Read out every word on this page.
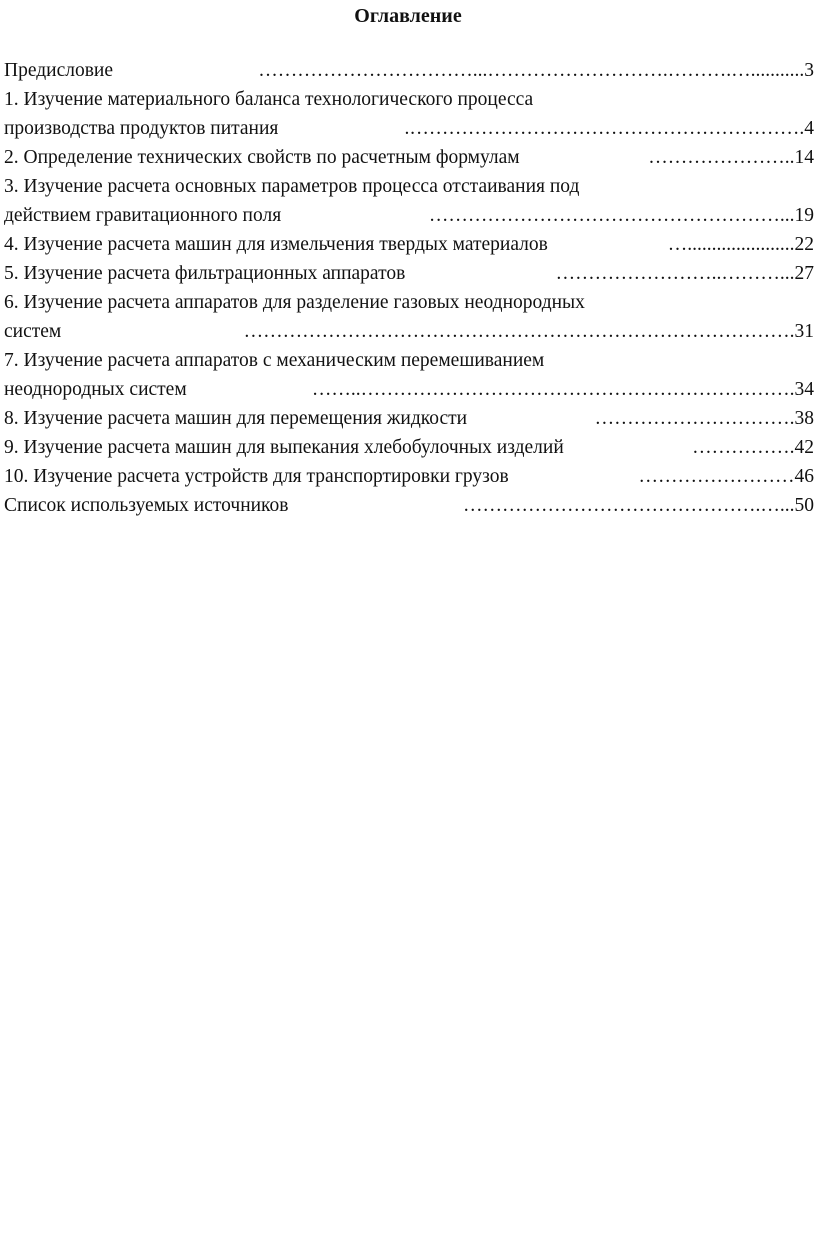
Оглавление
Предисловие	……………………………...……………………….……….…........... 3
1. Изучение материального баланса технологического процесса
производства продуктов питания	.……………………………………………………. 4
2. Определение технических свойств по расчетным формулам	………………….. 14
3. Изучение расчета основных параметров процесса отстаивания под
действием гравитационного поля	………………………………………………... 19
4. Изучение расчета машин для измельчения твердых материалов	…...................... 22
5. Изучение расчета фильтрационных аппаратов	……………………..………... 27
6. Изучение расчета аппаратов для разделение газовых неоднородных
систем	…………………………………………………………………………. 31
7. Изучение расчета аппаратов с механическим перемешиванием
неоднородных систем	……..…………………………………………………………. 34
8. Изучение расчета машин для перемещения жидкости	…………………………. 38
9. Изучение расчета машин для выпекания хлебобулочных изделий	……………. 42
10. Изучение расчета устройств для транспортировки грузов	…………………… 46
Список используемых источников	……………………………………….…... 50
